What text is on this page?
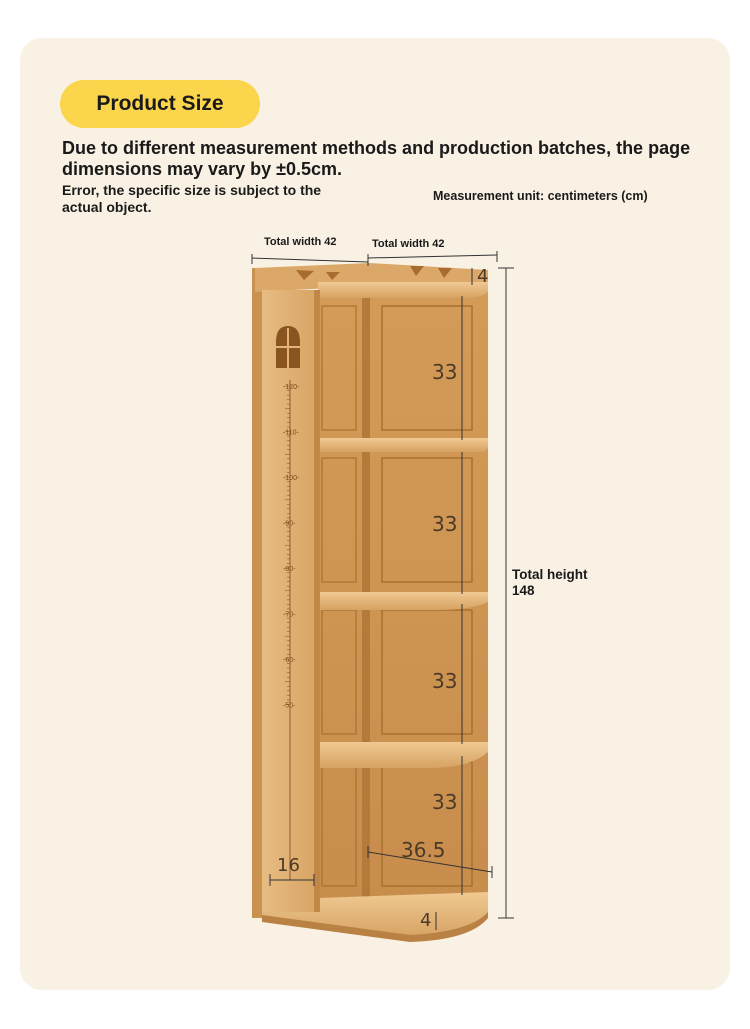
Product Size
Due to different measurement methods and production batches, the page dimensions may vary by ±0.5cm.
Error, the specific size is subject to the actual object.
Measurement unit: centimeters (cm)
-120-
-110-
-100-
-90-
-80-
-70-
-60-
-50-
Total width 42	Total width 42
Total height 148
4
33
33
33
33
36.5
16
4
